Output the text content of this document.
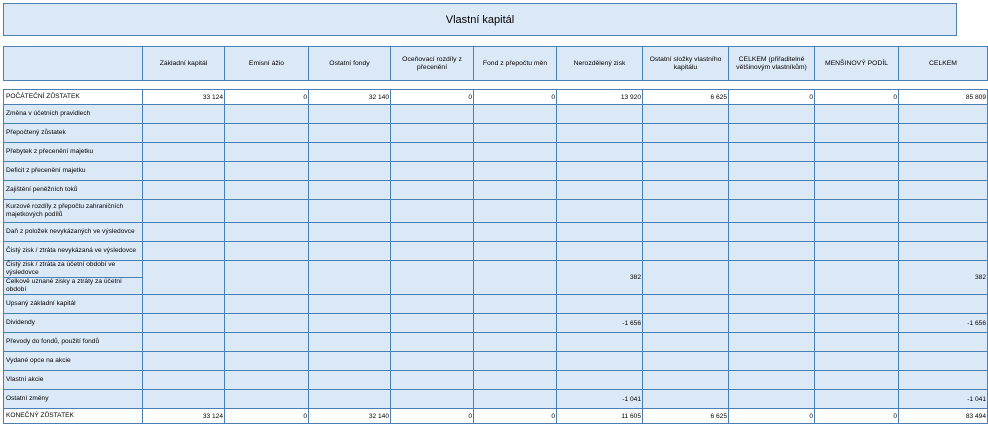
Vlastní kapitál
	Základní kapitál	Emisní ážio	Ostatní fondy	Oceňovací rozdíly z přecenění	Fond z přepočtu měn	Nerozdělený zisk	Ostatní složky vlastního kapitálu	CELKEM (přiřaditelné většinovým vlastníkům)	MENŠINOVÝ PODÍL	CELKEM

POČÁTEČNÍ ZŮSTATEK	33 124	0	32 140	0	0	13 920	6 625	0	0	85 809
Změna v účetních pravidlech										
Přepočtený zůstatek										
Přebytek z přecenění majetku										
Deficit z přecenění majetku										
Zajištění peněžních toků										
Kurzové rozdíly z přepočtu zahraničních majetkových podílů										
Daň z položek nevykázaných ve výsledovce										
Čistý zisk / ztráta nevykázaná ve výsledovce										
Čistý zisk / ztráta za účetní období ve výsledovce						382				382
Celkově uznané zisky a ztráty za účetní období										
Upsaný základní kapitál										
Dividendy						-1 656				-1 656
Převody do fondů, použití fondů										
Vydané opce na akcie										
Vlastní akcie										
Ostatní změny						-1 041				-1 041
KONEČNÝ ZŮSTATEK	33 124	0	32 140	0	0	11 605	6 625	0	0	83 494
